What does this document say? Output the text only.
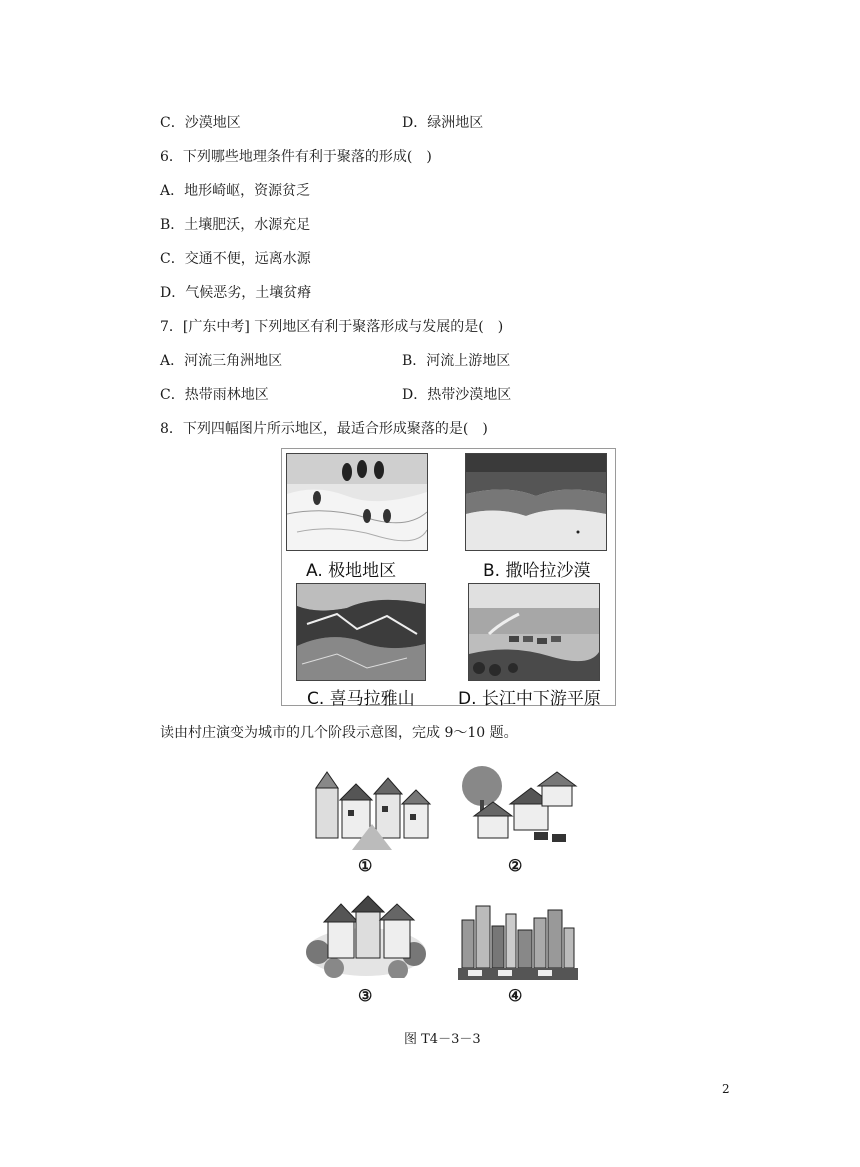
C．沙漠地区	D．绿洲地区
6．下列哪些地理条件有利于聚落的形成(　)
A．地形崎岖，资源贫乏
B．土壤肥沃，水源充足
C．交通不便，远离水源
D．气候恶劣，土壤贫瘠
7．[广东中考] 下列地区有利于聚落形成与发展的是(　)
A．河流三角洲地区	B．河流上游地区
C．热带雨林地区	D．热带沙漠地区
8．下列四幅图片所示地区，最适合形成聚落的是(　)
A. 极地地区	B. 撒哈拉沙漠
C. 喜马拉雅山	D. 长江中下游平原
读由村庄演变为城市的几个阶段示意图，完成 9～10 题。
①	②
③	④
图 T4－3－3
2
